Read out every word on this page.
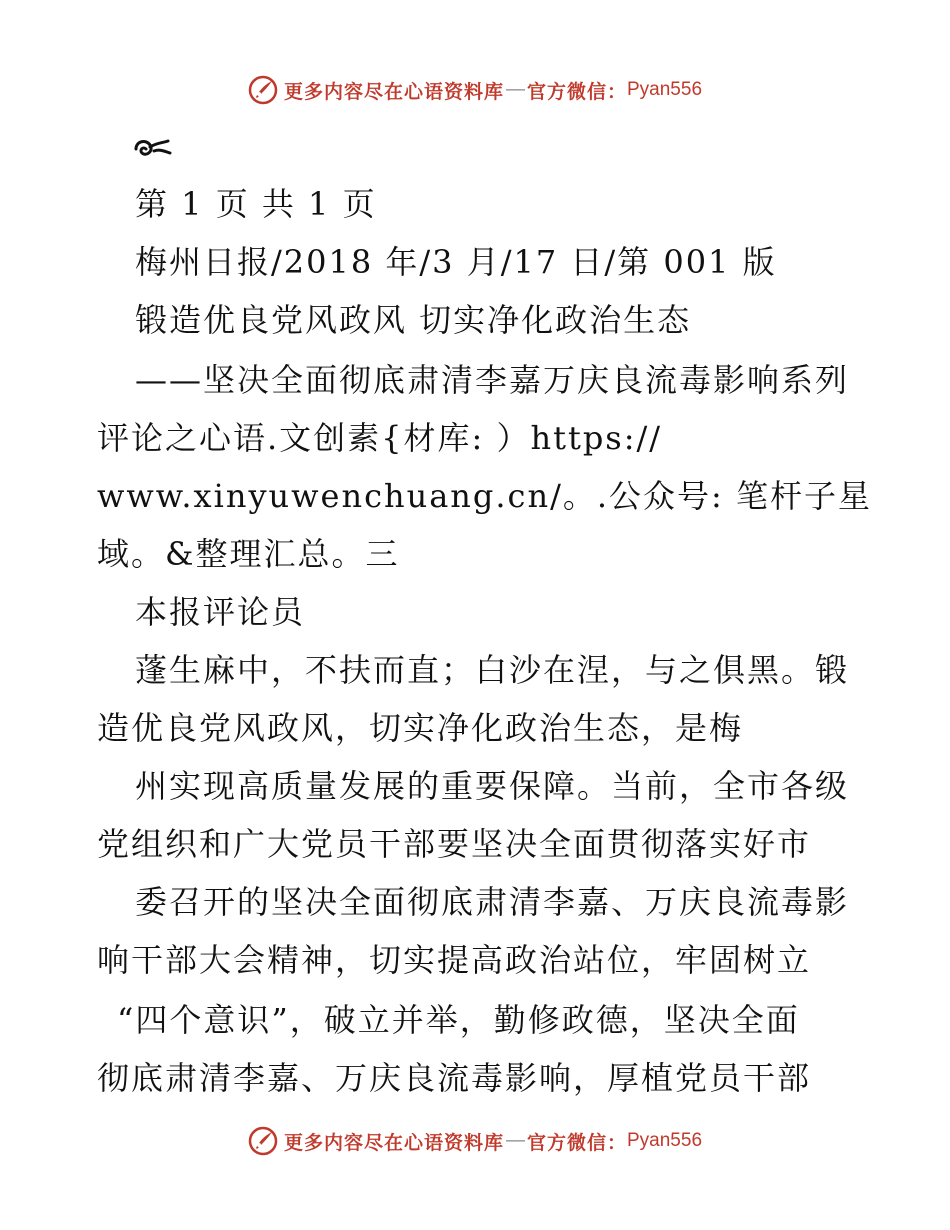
更多内容尽在心语资料库 — 官方微信： Pyan556
第 1 页 共 1 页
梅州日报/2018 年/3 月/17 日/第 001 版
锻造优良党风政风 切实净化政治生态
——坚决全面彻底肃清李嘉万庆良流毒影响系列
评论之心语.文创素{材库: ）https://
www.xinyuwenchuang.cn/。.公众号: 笔杆子星
域。&整理汇总。三
本报评论员
蓬生麻中，不扶而直；白沙在涅，与之俱黑。锻
造优良党风政风，切实净化政治生态，是梅
州实现高质量发展的重要保障。当前，全市各级
党组织和广大党员干部要坚决全面贯彻落实好市
委召开的坚决全面彻底肃清李嘉、万庆良流毒影
响干部大会精神，切实提高政治站位，牢固树立
“四个意识”，破立并举，勤修政德，坚决全面
彻底肃清李嘉、万庆良流毒影响，厚植党员干部
更多内容尽在心语资料库 — 官方微信： Pyan556
